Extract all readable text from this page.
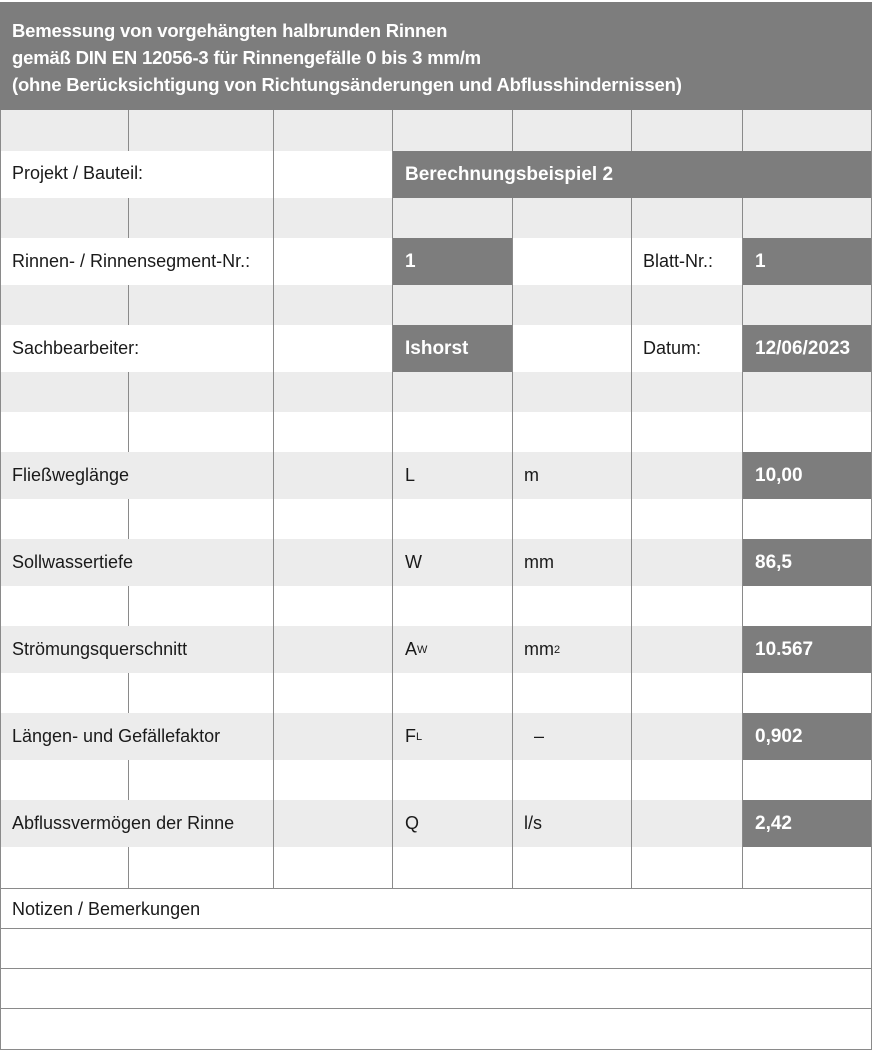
Bemessung von vorgehängten halbrunden Rinnen
gemäß DIN EN 12056-3 für Rinnengefälle 0 bis 3 mm/m
(ohne Berücksichtigung von Richtungsänderungen und Abflusshindernissen)
Projekt / Bauteil:	Berechnungsbeispiel 2
Rinnen- / Rinnensegment-Nr.:	1	Blatt-Nr.:	1
Sachbearbeiter:	Ishorst	Datum:	12/06/2023
Fließweglänge	L	m	10,00
Sollwassertiefe	W	mm	86,5
Strömungsquerschnitt	A W	mm 2	10.567
Längen- und Gefällefaktor	F L	–	0,902
Abflussvermögen der Rinne	Q	l/s	2,42
Notizen / Bemerkungen
